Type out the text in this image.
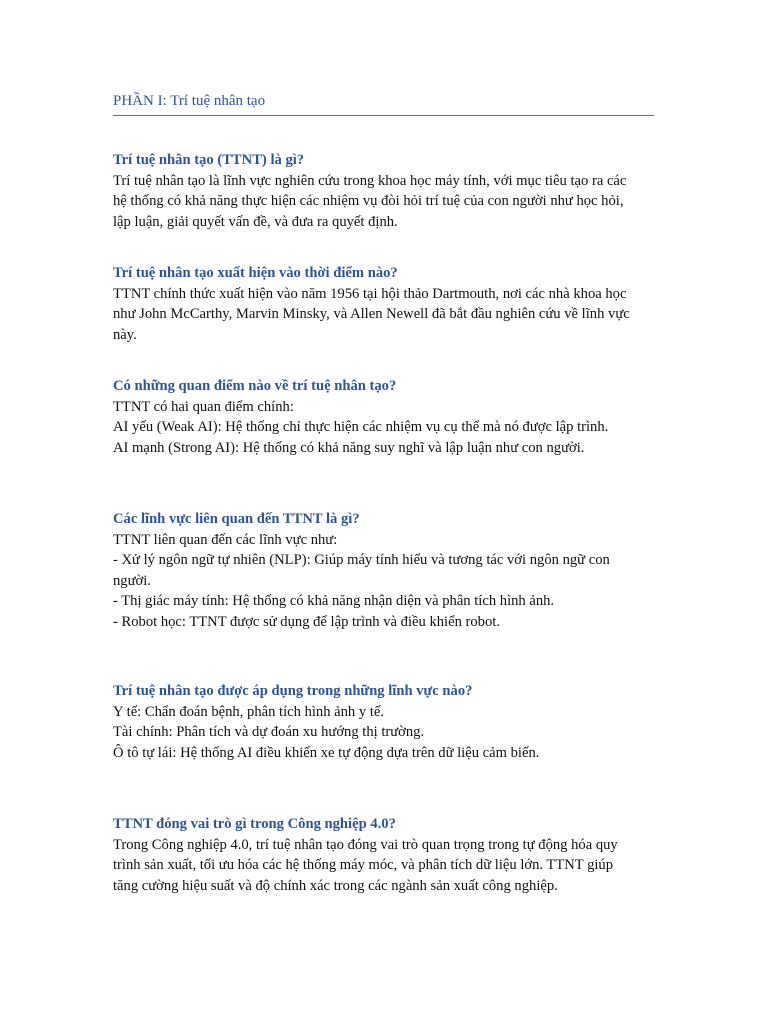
PHẦN I: Trí tuệ nhân tạo

Trí tuệ nhân tạo (TTNT) là gì?

Trí tuệ nhân tạo là lĩnh vực nghiên cứu trong khoa học máy tính, với mục tiêu tạo ra các

hệ thống có khả năng thực hiện các nhiệm vụ đòi hỏi trí tuệ của con người như học hỏi,

lập luận, giải quyết vấn đề, và đưa ra quyết định.

Trí tuệ nhân tạo xuất hiện vào thời điểm nào?

TTNT chính thức xuất hiện vào năm 1956 tại hội thảo Dartmouth, nơi các nhà khoa học

như John McCarthy, Marvin Minsky, và Allen Newell đã bắt đầu nghiên cứu về lĩnh vực

này.

Có những quan điểm nào về trí tuệ nhân tạo?

TTNT có hai quan điểm chính:

AI yếu (Weak AI): Hệ thống chỉ thực hiện các nhiệm vụ cụ thể mà nó được lập trình.

AI mạnh (Strong AI): Hệ thống có khả năng suy nghĩ và lập luận như con người.

Các lĩnh vực liên quan đến TTNT là gì?

TTNT liên quan đến các lĩnh vực như:

- Xử lý ngôn ngữ tự nhiên (NLP): Giúp máy tính hiểu và tương tác với ngôn ngữ con

người.

- Thị giác máy tính: Hệ thống có khả năng nhận diện và phân tích hình ảnh.

- Robot học: TTNT được sử dụng để lập trình và điều khiển robot.

Trí tuệ nhân tạo được áp dụng trong những lĩnh vực nào?

Y tế: Chẩn đoán bệnh, phân tích hình ảnh y tế.

Tài chính: Phân tích và dự đoán xu hướng thị trường.

Ô tô tự lái: Hệ thống AI điều khiển xe tự động dựa trên dữ liệu cảm biến.

TTNT đóng vai trò gì trong Công nghiệp 4.0?

Trong Công nghiệp 4.0, trí tuệ nhân tạo đóng vai trò quan trọng trong tự động hóa quy

trình sản xuất, tối ưu hóa các hệ thống máy móc, và phân tích dữ liệu lớn. TTNT giúp

tăng cường hiệu suất và độ chính xác trong các ngành sản xuất công nghiệp.
